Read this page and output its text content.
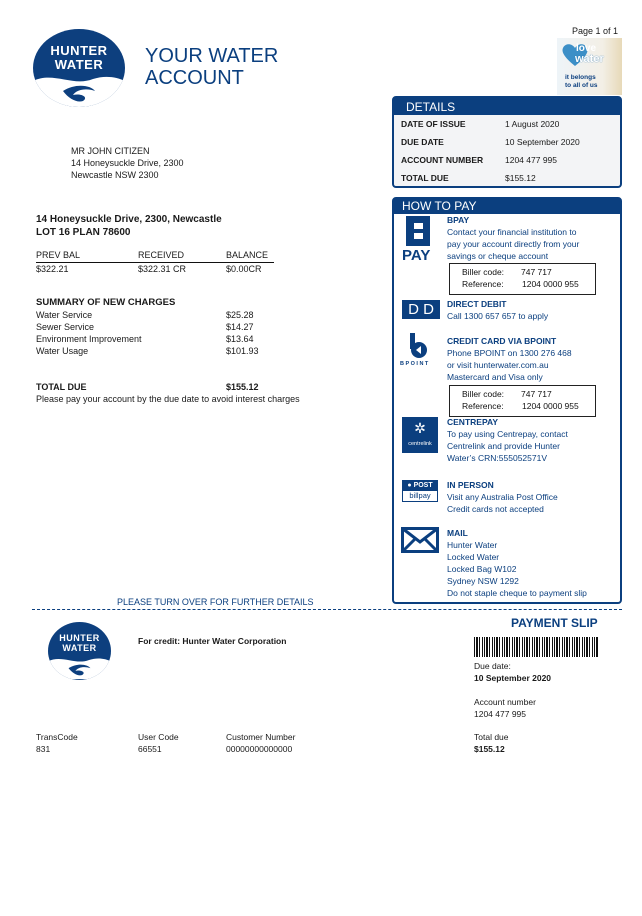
HUNTER
WATER	YOUR WATER
ACCOUNT
Page 1 of 1
love
water
it belongs
to all of us
DETAILS
DATE OF ISSUE	1 August 2020
DUE DATE	10 September 2020
ACCOUNT NUMBER	1204 477 995
TOTAL DUE	$155.12
MR JOHN CITIZEN
14 Honeysuckle Drive, 2300
Newcastle NSW 2300
14 Honeysuckle Drive, 2300, Newcastle
LOT 16 PLAN 78600
PREV BAL	RECEIVED	BALANCE
$322.21	$322.31 CR	$0.00CR
SUMMARY OF NEW CHARGES
Water Service	$25.28
Sewer Service	$14.27
Environment Improvement	$13.64
Water Usage	$101.93
TOTAL DUE	$155.12
Please pay your account by the due date to avoid interest charges
HOW TO PAY
PAY
BPAY
Contact your financial institution to
pay your account directly from your
savings or cheque account
Biller code: 747 717
Reference: 1204 0000 955
D D	DIRECT DEBIT
Call 1300 657 657 to apply
BPOINT
CREDIT CARD VIA BPOINT
Phone BPOINT on 1300 276 468
or visit hunterwater.com.au
Mastercard and Visa only
Biller code: 747 717
Reference: 1204 0000 955
✲
centrelink
CENTREPAY
To pay using Centrepay, contact
Centrelink and provide Hunter
Water’s CRN:555052571V
● POST
billpay
IN PERSON
Visit any Australia Post Office
Credit cards not accepted
MAIL
Hunter Water
Locked Water
Locked Bag W102
Sydney NSW 1292
Do not staple cheque to payment slip
PLEASE TURN OVER FOR FURTHER DETAILS
PAYMENT SLIP
HUNTER
WATER
For credit: Hunter Water Corporation
Due date:
10 September 2020
Account number
1204 477 995
Total due
$155.12
TransCode
831
User Code
66551
Customer Number
00000000000000
